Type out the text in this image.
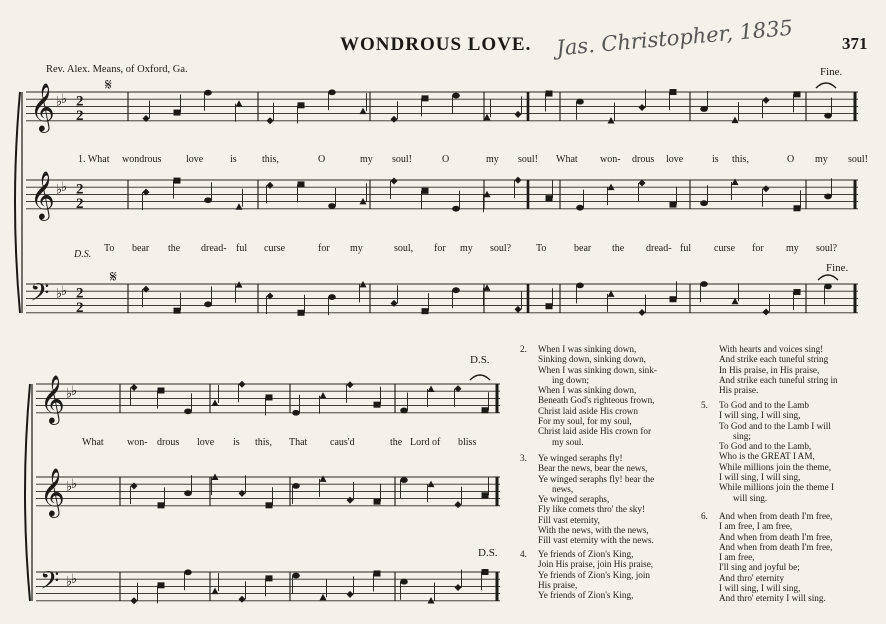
𝄞 ♭
♭ 2
2
𝄞 ♭
♭ 2
2
𝄢 ♭
♭ 2
2
𝄋
𝄋
𝄞 ♭
♭
𝄞 ♭
♭
𝄢 ♭
♭
WONDROUS LOVE. Jas. Christopher, 1835	371
Rev. Alex. Means, of Oxford, Ga.	Fine.
Fine.
D.S.
D.S.
D.S.
1. What wondrous love	is	this,	O	my soul!	O	my soul! What won- drous love	is this,	O my soul!
To bear the dread- ful curse	for my	soul, for my soul? To	bear the dread- ful curse for my soul?
What won- drous love is this, That caus'd	the Lord of bliss
2. When I was sinking down,
Sinking down, sinking down,
When I was sinking down, sink-
ing down;
When I was sinking down,
Beneath God's righteous frown,
Christ laid aside His crown
For my soul, for my soul,
Christ laid aside His crown for
my soul.
3. Ye winged seraphs fly!
Bear the news, bear the news,
Ye winged seraphs fly! bear the
news,
Ye winged seraphs,
Fly like comets thro' the sky!
Fill vast eternity,
With the news, with the news,
Fill vast eternity with the news.
4. Ye friends of Zion's King,
Join His praise, join His praise,
Ye friends of Zion's King, join
His praise,
Ye friends of Zion's King,
With hearts and voices sing!
And strike each tuneful string
In His praise, in His praise,
And strike each tuneful string in
His praise.
5. To God and to the Lamb
I will sing, I will sing,
To God and to the Lamb I will
sing;
To God and to the Lamb,
Who is the GREAT I AM,
While millions join the theme,
I will sing, I will sing,
While millions join the theme I
will sing.
6. And when from death I'm free,
I am free, I am free,
And when from death I'm free,
And when from death I'm free,
I am free,
I'll sing and joyful be;
And thro' eternity
I will sing, I will sing,
And thro' eternity I will sing.
